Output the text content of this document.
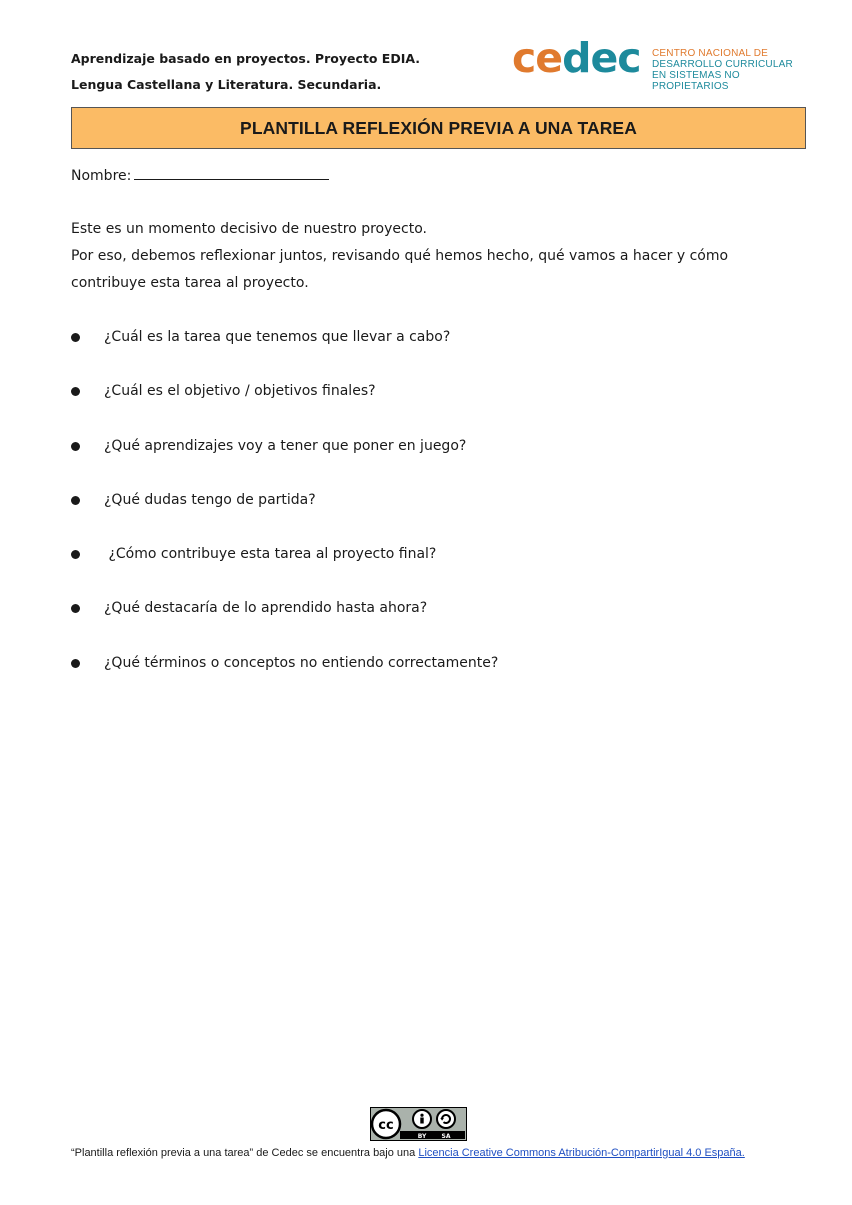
Aprendizaje basado en proyectos. Proyecto EDIA.
Lengua Castellana y Literatura. Secundaria.
cedec CENTRO NACIONAL DE
DESARROLLO CURRICULAR
EN SISTEMAS NO PROPIETARIOS
PLANTILLA REFLEXIÓN PREVIA A UNA TAREA
Nombre:

Este es un momento decisivo de nuestro proyecto.

Por eso, debemos reflexionar juntos, revisando qué hemos hecho, qué vamos a hacer y cómo

contribuye esta tarea al proyecto.

¿Cuál es la tarea que tenemos que llevar a cabo?
¿Cuál es el objetivo / objetivos finales?
¿Qué aprendizajes voy a tener que poner en juego?
¿Qué dudas tengo de partida?
¿Cómo contribuye esta tarea al proyecto final?
¿Qué destacaría de lo aprendido hasta ahora?
¿Qué términos o conceptos no entiendo correctamente?
cc
BY	SA
“Plantilla reflexión previa a una tarea” de Cedec se encuentra bajo una Licencia Creative Commons Atribución-CompartirIgual 4.0 España.
